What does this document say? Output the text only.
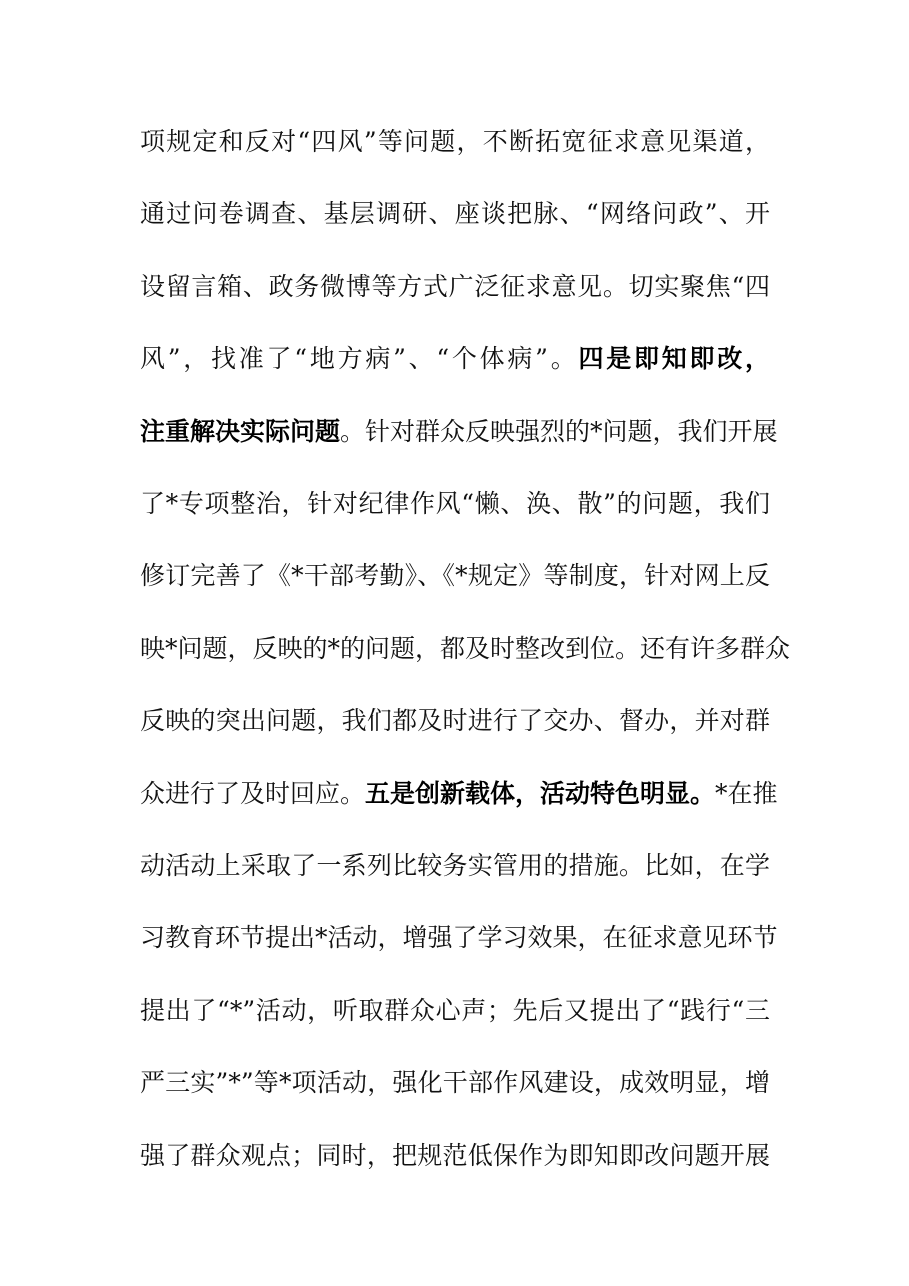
项规定和反对“四风”等问题，不断拓宽征求意见渠道，
通过问卷调查、基层调研、座谈把脉、“网络问政”、开
设留言箱、政务微博等方式广泛征求意见。切实聚焦“四
风”，找准了“地方病”、“个体病”。四是即知即改，
注重解决实际问题。针对群众反映强烈的*问题，我们开展
了*专项整治，针对纪律作风“懒、涣、散”的问题，我们
修订完善了《*干部考勤》、《*规定》等制度，针对网上反
映*问题，反映的*的问题，都及时整改到位。还有许多群众
反映的突出问题，我们都及时进行了交办、督办，并对群
众进行了及时回应。五是创新载体，活动特色明显。*在推
动活动上采取了一系列比较务实管用的措施。比如，在学
习教育环节提出*活动，增强了学习效果，在征求意见环节
提出了“*”活动，听取群众心声；先后又提出了“践行“三
严三实”*”等*项活动，强化干部作风建设，成效明显，增
强了群众观点；同时，把规范低保作为即知即改问题开展
